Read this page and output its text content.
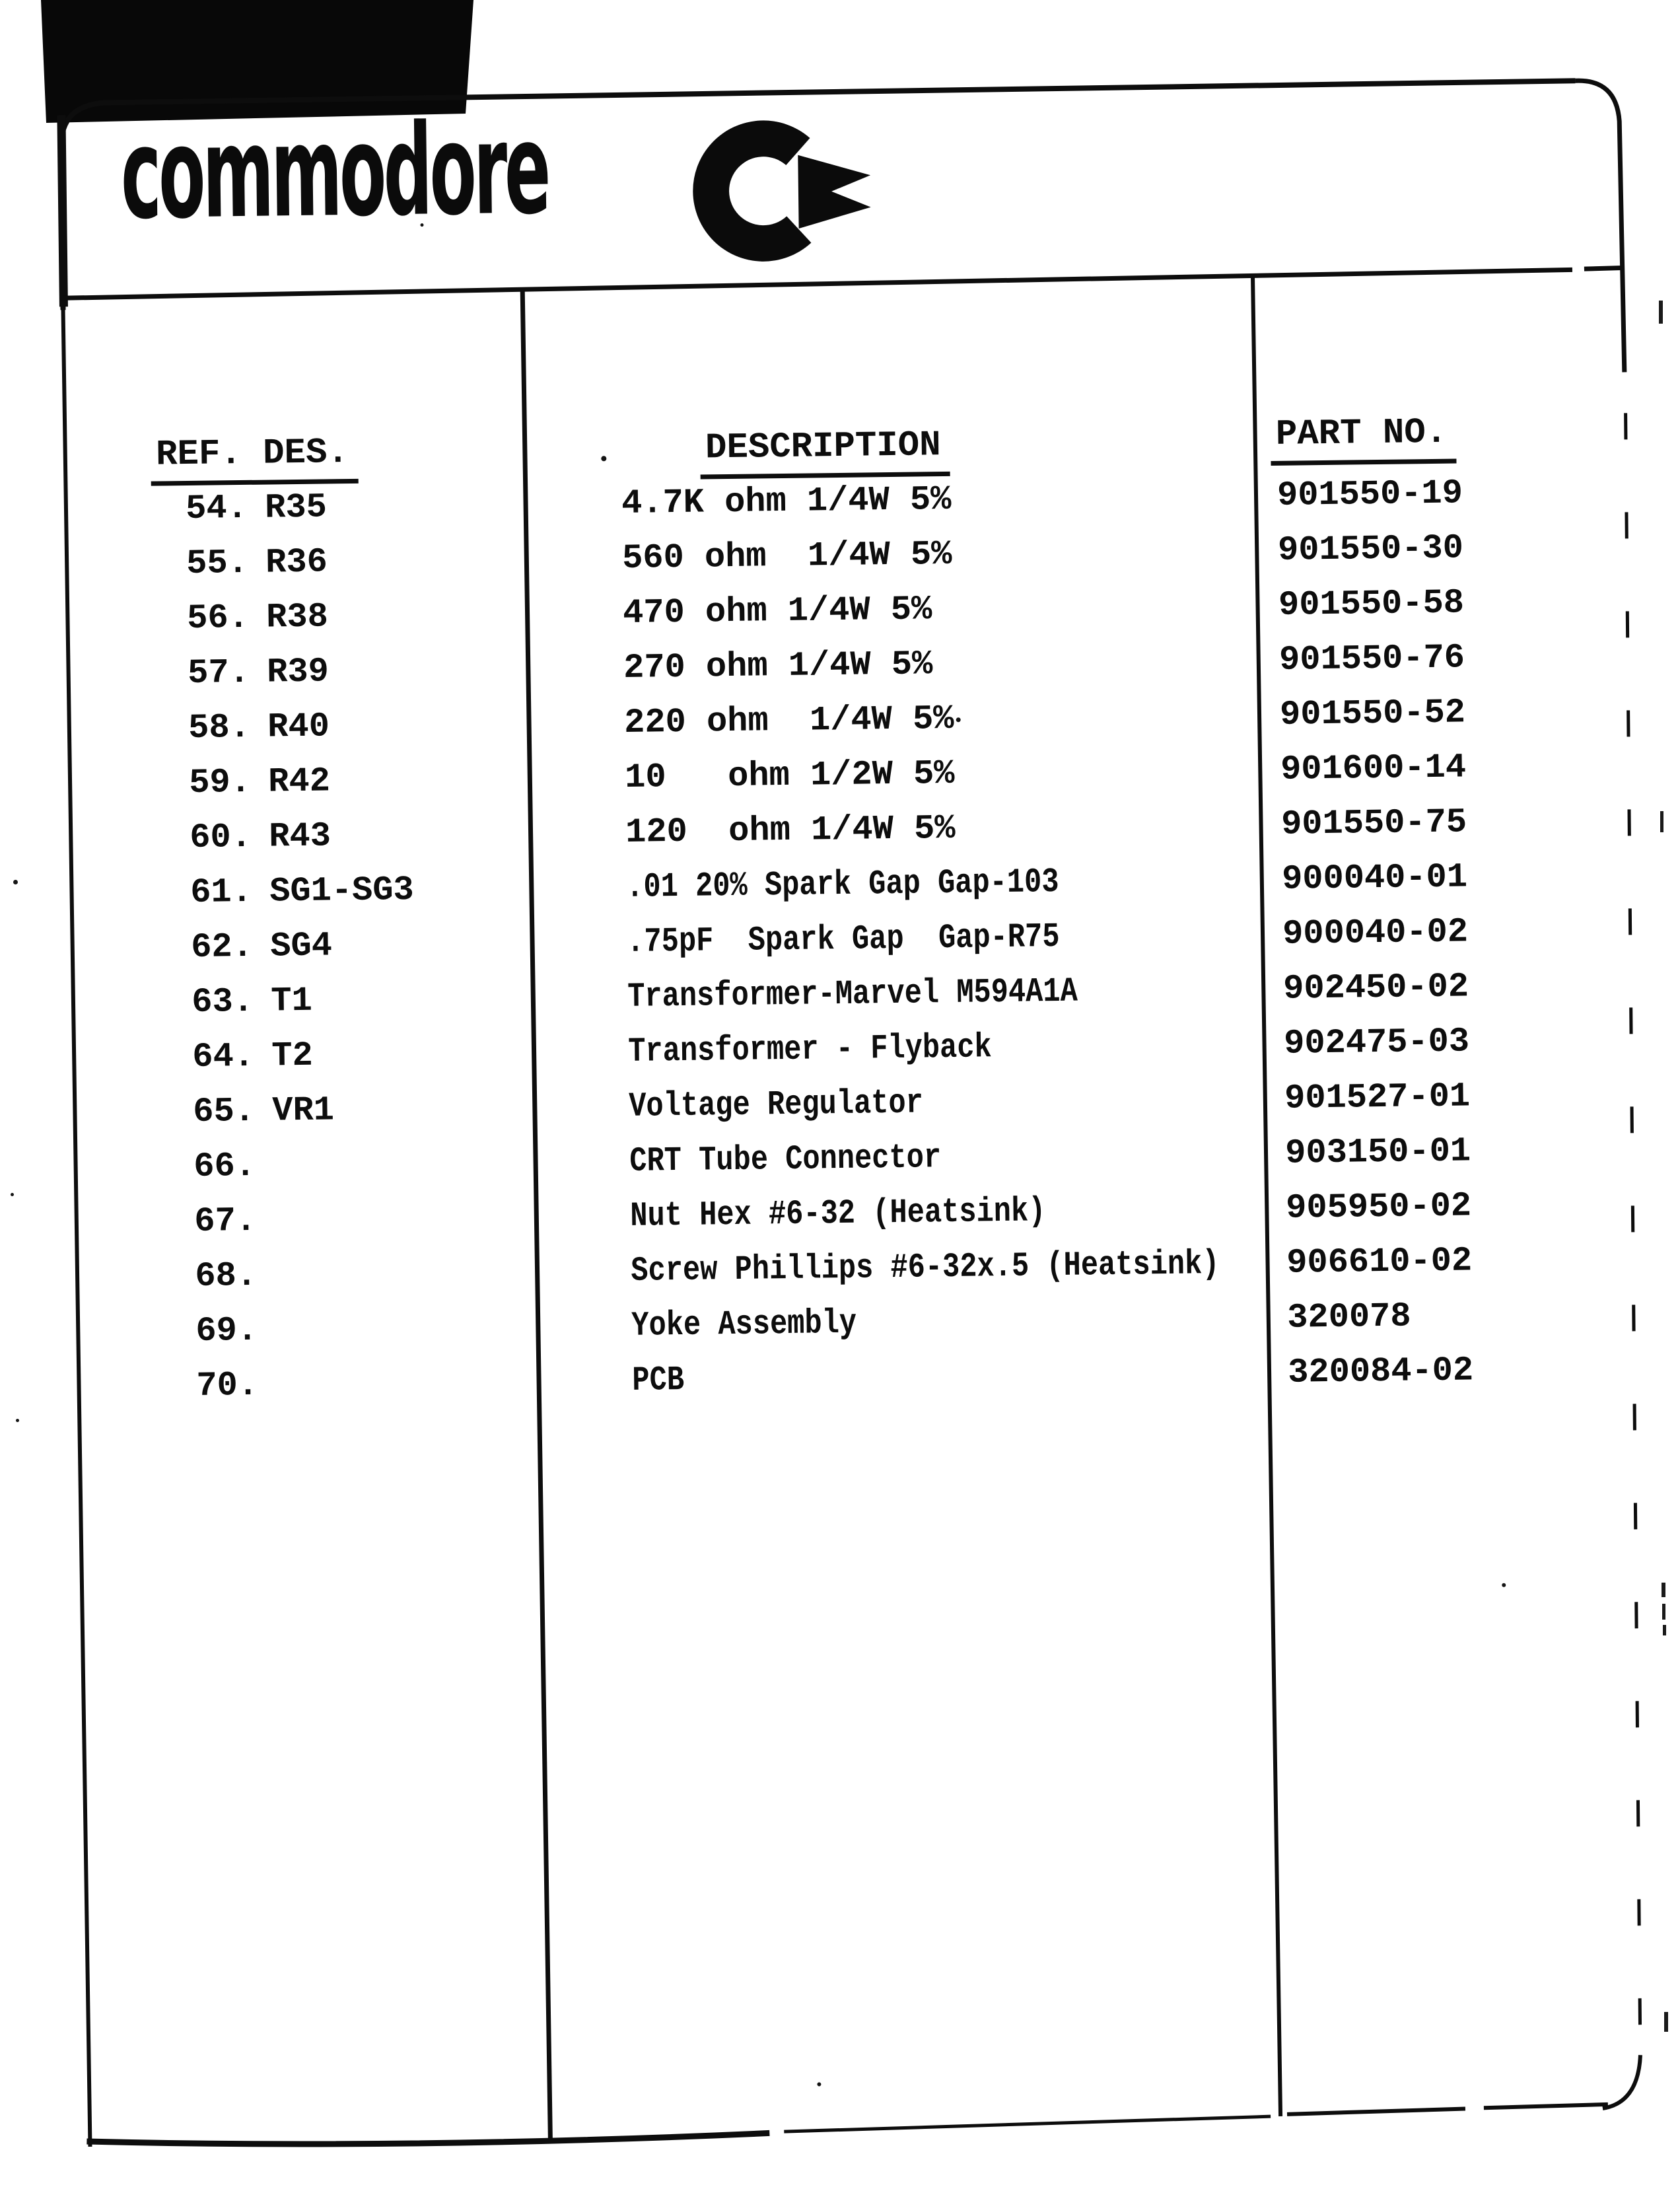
commodore
REF. DES.	DESCRIPTION	PART NO.
54. R35	4.7K ohm 1/4W 5%	901550-19
55. R36	560 ohm  1/4W 5%	901550-30
56. R38	470 ohm 1/4W 5%	901550-58
57. R39	270 ohm 1/4W 5%	901550-76
58. R40	220 ohm  1/4W 5%	901550-52
59. R42	10   ohm 1/2W 5%	901600-14
60. R43	120  ohm 1/4W 5%	901550-75
61. SG1-SG3	.01 20% Spark Gap Gap-103	900040-01
62. SG4	.75pF  Spark Gap  Gap-R75	900040-02
63. T1	Transformer-Marvel M594A1A	902450-02
64. T2	Transformer - Flyback	902475-03
65. VR1	Voltage Regulator	901527-01
66.	CRT Tube Connector	903150-01
67.	Nut Hex #6-32 (Heatsink)	905950-02
68.	Screw Phillips #6-32x.5 (Heatsink) 906610-02
69.	Yoke Assembly	320078
70.	PCB	320084-02
